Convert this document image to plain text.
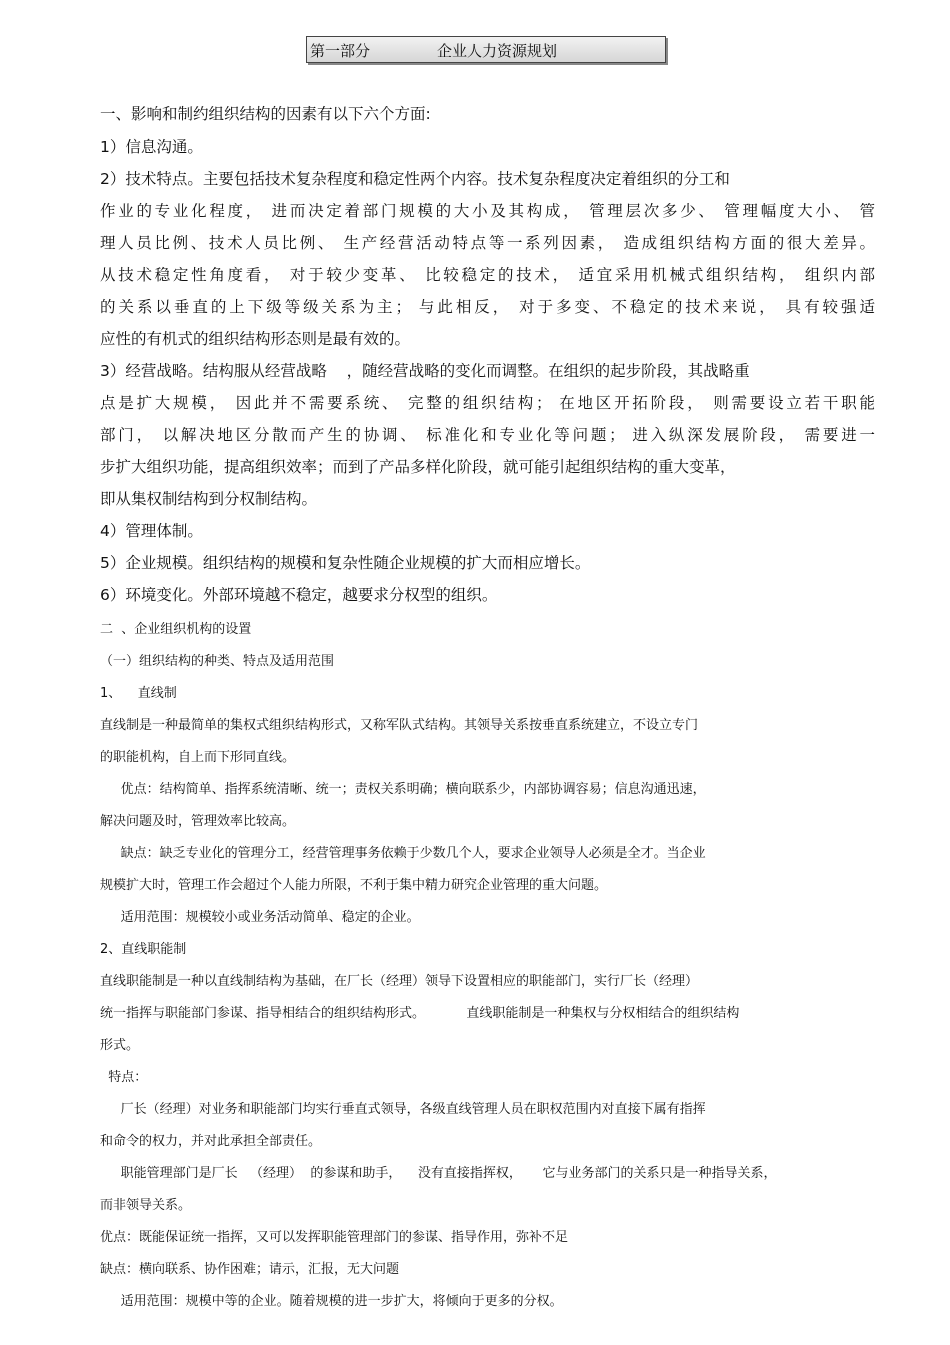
第一部分	企业人力资源规划
一、影响和制约组织结构的因素有以下六个方面:
1）信息沟通。
2）技术特点。主要包括技术复杂程度和稳定性两个内容。技术复杂程度决定着组织的分工和
作业的专业化程度， 进而决定着部门规模的大小及其构成， 管理层次多少、 管理幅度大小、 管
理人员比例、技术人员比例、 生产经营活动特点等一系列因素， 造成组织结构方面的很大差异。
从技术稳定性角度看， 对于较少变革、 比较稳定的技术， 适宜采用机械式组织结构， 组织内部
的关系以垂直的上下级等级关系为主； 与此相反， 对于多变、不稳定的技术来说， 具有较强适
应性的有机式的组织结构形态则是最有效的。
3）经营战略。结构服从经营战略    ，随经营战略的变化而调整。在组织的起步阶段，其战略重
点是扩大规模， 因此并不需要系统、 完整的组织结构； 在地区开拓阶段， 则需要设立若干职能
部门， 以解决地区分散而产生的协调、 标准化和专业化等问题； 进入纵深发展阶段， 需要进一
步扩大组织功能，提高组织效率；而到了产品多样化阶段，就可能引起组织结构的重大变革，
即从集权制结构到分权制结构。
4）管理体制。
5）企业规模。组织结构的规模和复杂性随企业规模的扩大而相应增长。
6）环境变化。外部环境越不稳定，越要求分权型的组织。
二  、企业组织机构的设置
（一）组织结构的种类、特点及适用范围
1、    直线制
直线制是一种最简单的集权式组织结构形式，又称军队式结构。其领导关系按垂直系统建立，不设立专门
的职能机构，自上而下形同直线。
优点：结构简单、指挥系统清晰、统一；责权关系明确；横向联系少，内部协调容易；信息沟通迅速，
解决问题及时，管理效率比较高。
缺点：缺乏专业化的管理分工，经营管理事务依赖于少数几个人，要求企业领导人必须是全才。当企业
规模扩大时，管理工作会超过个人能力所限，不利于集中精力研究企业管理的重大问题。
适用范围：规模较小或业务活动简单、稳定的企业。
2、直线职能制
直线职能制是一种以直线制结构为基础，在厂长（经理）领导下设置相应的职能部门，实行厂长（经理）
统一指挥与职能部门参谋、指导相结合的组织结构形式。          直线职能制是一种集权与分权相结合的组织结构
形式。
特点：
厂长（经理）对业务和职能部门均实行垂直式领导，各级直线管理人员在职权范围内对直接下属有指挥
和命令的权力，并对此承担全部责任。
职能管理部门是厂长   （经理）  的参谋和助手，    没有直接指挥权，     它与业务部门的关系只是一种指导关系，
而非领导关系。
优点：既能保证统一指挥，又可以发挥职能管理部门的参谋、指导作用，弥补不足
缺点：横向联系、协作困难；请示，汇报，无大问题
适用范围：规模中等的企业。随着规模的进一步扩大，将倾向于更多的分权。
